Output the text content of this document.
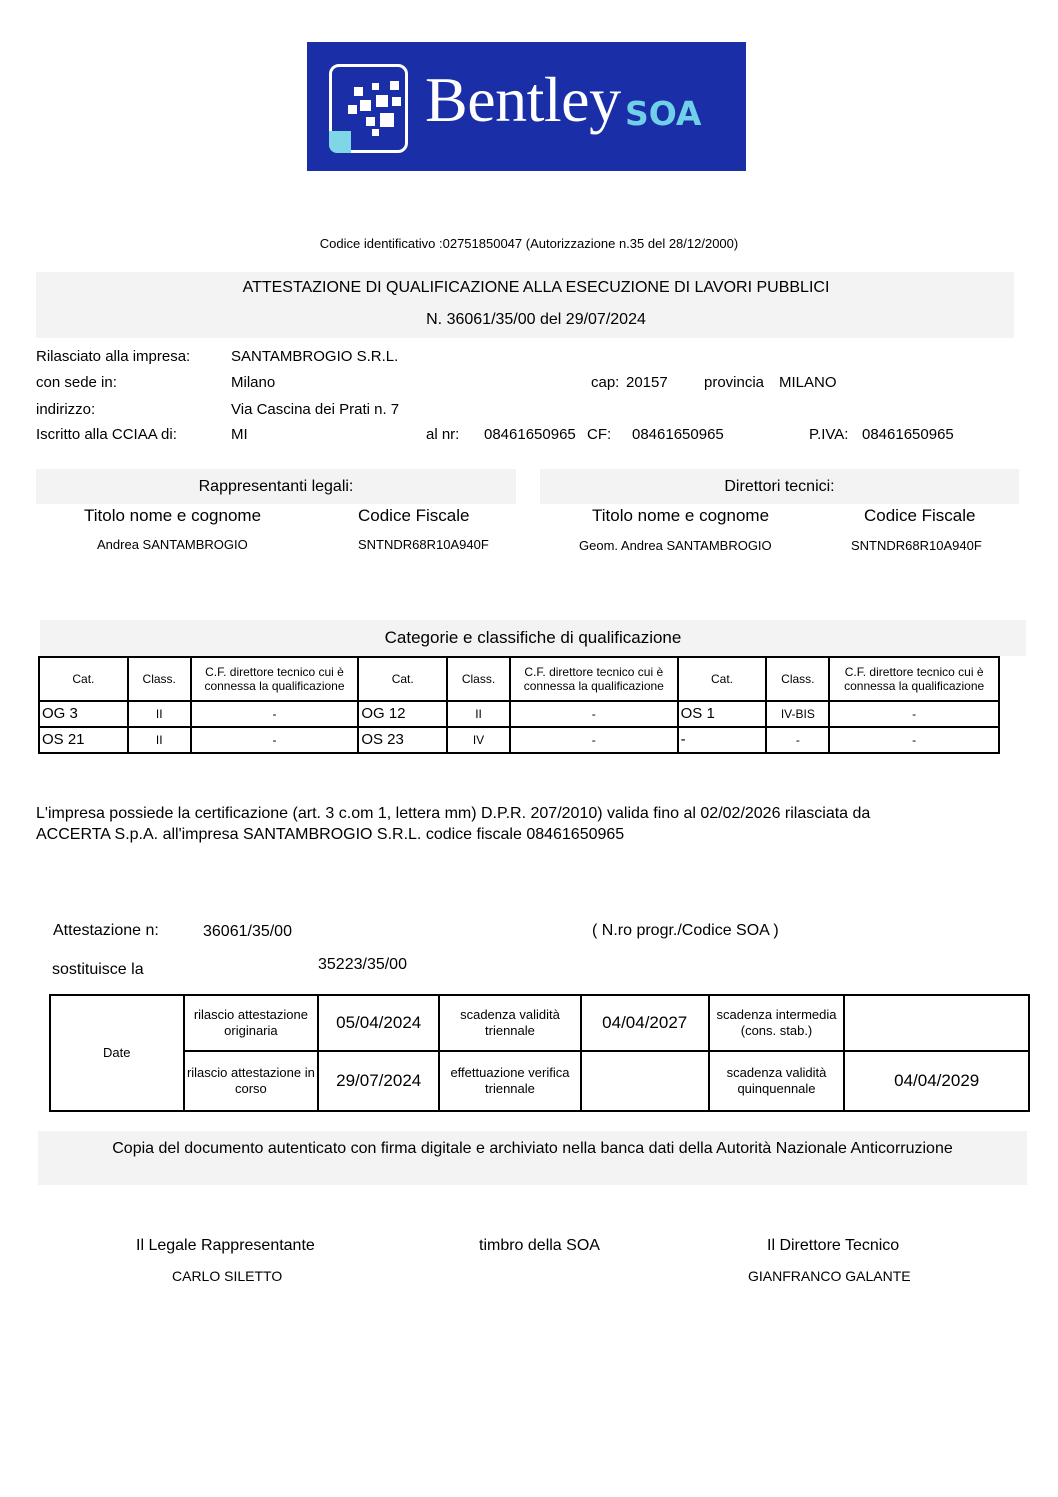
Bentley SOA
Codice identificativo :02751850047 (Autorizzazione n.35 del 28/12/2000)
ATTESTAZIONE DI QUALIFICAZIONE ALLA ESECUZIONE DI LAVORI PUBBLICI
N. 36061/35/00 del 29/07/2024
Rilasciato alla impresa:	SANTAMBROGIO S.R.L.
con sede in:	Milano	cap: 20157 provincia MILANO
indirizzo:	Via Cascina dei Prati n. 7
Iscritto alla CCIAA di:	MI	al nr: 08461650965 CF: 08461650965	P.IVA: 08461650965
Rappresentanti legali:
Titolo nome e cognome	Codice Fiscale
Andrea SANTAMBROGIO	SNTNDR68R10A940F
Direttori tecnici:
Titolo nome e cognome	Codice Fiscale
Geom. Andrea SANTAMBROGIO	SNTNDR68R10A940F
Categorie e classifiche di qualificazione
Cat.	Class.	C.F. direttore tecnico cui è connessa la qualificazione	Cat.	Class.	C.F. direttore tecnico cui è connessa la qualificazione	Cat.	Class.	C.F. direttore tecnico cui è connessa la qualificazione
OG 3	II	-	OG 12	II	-	OS 1	IV-BIS	-
OS 21	II	-	OS 23	IV	-	-	-	-
L'impresa possiede la certificazione (art. 3 c.om 1, lettera mm) D.P.R. 207/2010) valida fino al 02/02/2026 rilasciata da
ACCERTA S.p.A. all'impresa SANTAMBROGIO S.R.L. codice fiscale 08461650965
Attestazione n:	36061/35/00	( N.ro progr./Codice SOA )
sostituisce la	35223/35/00
Date	rilascio attestazione originaria	05/04/2024	scadenza validità triennale	04/04/2027	scadenza intermedia (cons. stab.)	
	rilascio attestazione in corso	29/07/2024	effettuazione verifica triennale		scadenza validità quinquennale	04/04/2029
Copia del documento autenticato con firma digitale e archiviato nella banca dati della Autorità Nazionale Anticorruzione
Il Legale Rappresentante
CARLO SILETTO
timbro della SOA	Il Direttore Tecnico
GIANFRANCO GALANTE
